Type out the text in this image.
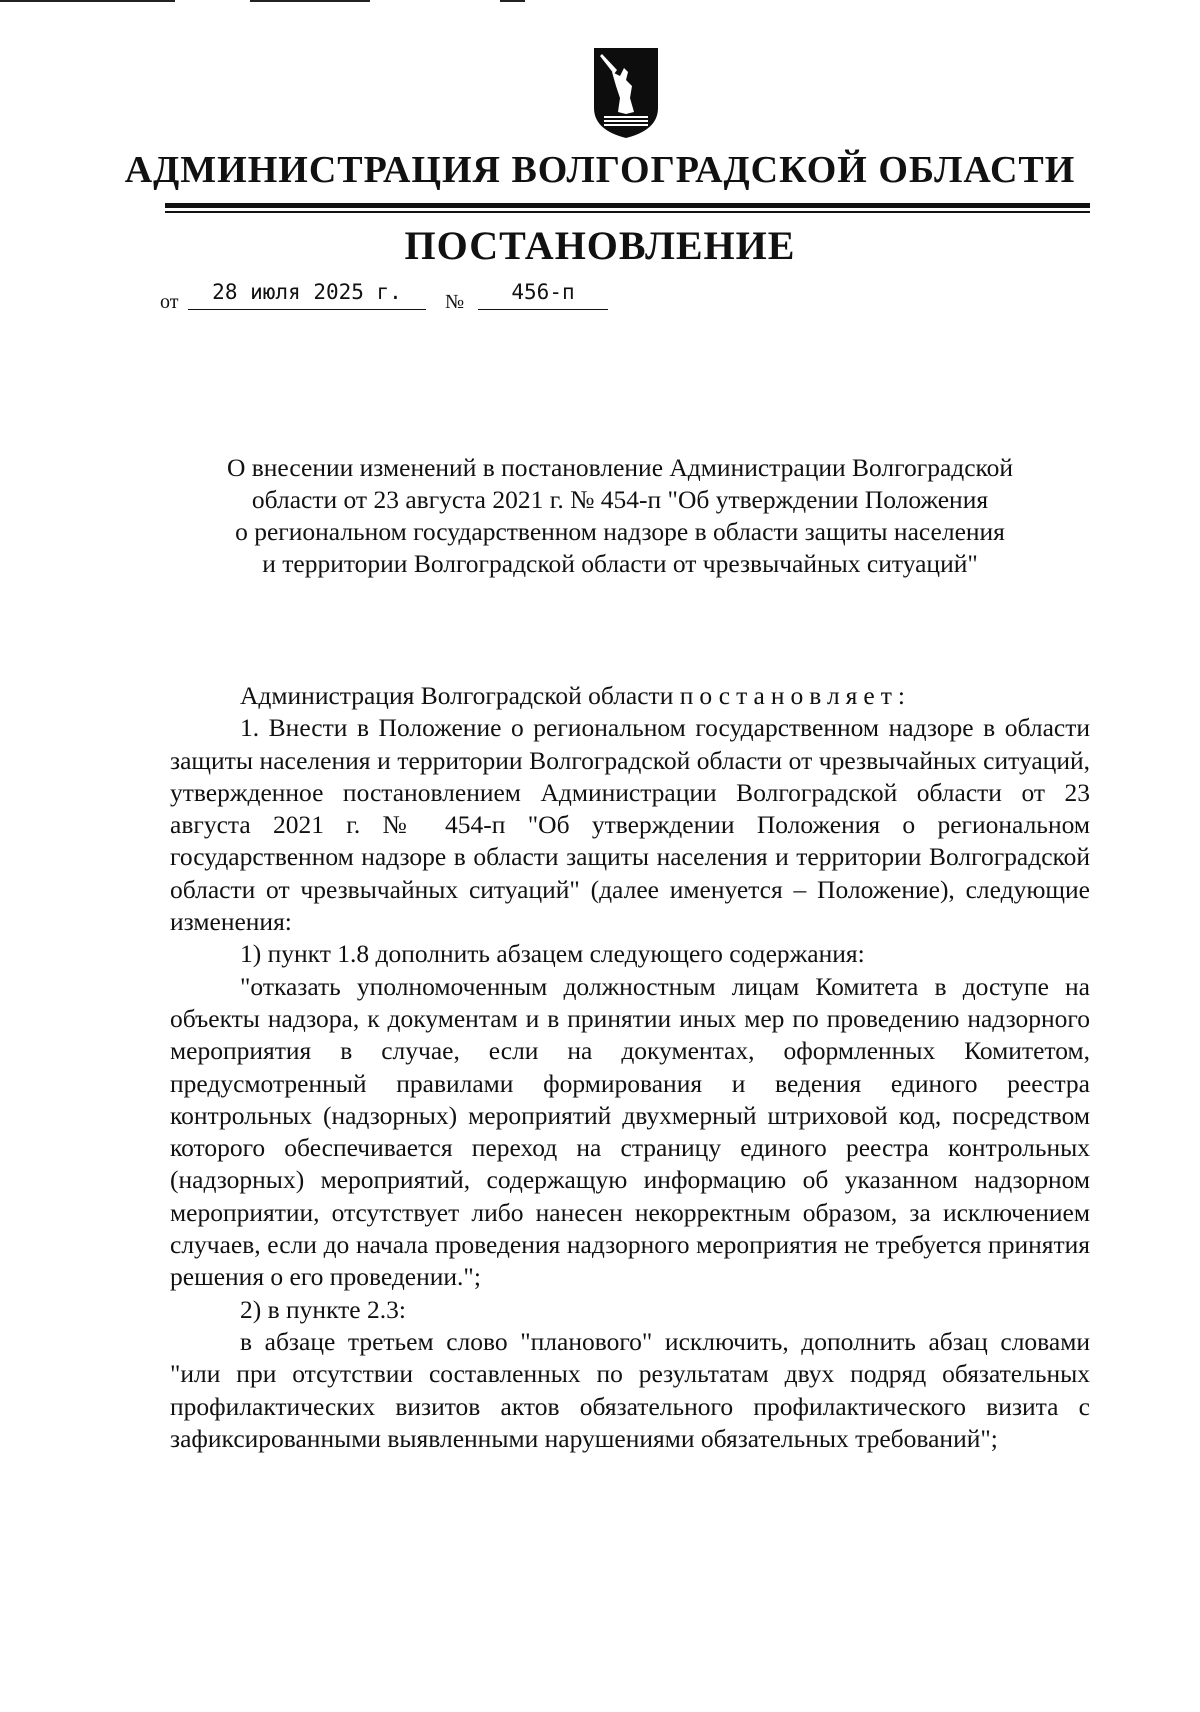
АДМИНИСТРАЦИЯ ВОЛГОГРАДСКОЙ ОБЛАСТИ
ПОСТАНОВЛЕНИЕ
от	28 июля 2025 г.	№	456-п
О внесении изменений в постановление Администрации Волгоградской
области от 23 августа 2021 г. № 454-п "Об утверждении Положения
о региональном государственном надзоре в области защиты населения
и территории Волгоградской области от чрезвычайных ситуаций"

Администрация Волгоградской области постановляет:

1. Внести в Положение о региональном государственном надзоре в области защиты населения и территории Волгоградской области от чрезвычайных ситуаций, утвержденное постановлением Администрации Волгоградской области от 23 августа 2021 г. № 454-п "Об утверждении Положения о региональном государственном надзоре в области защиты населения и территории Волгоградской области от чрезвычайных ситуаций" (далее именуется – Положение), следующие изменения:

1) пункт 1.8 дополнить абзацем следующего содержания:

"отказать уполномоченным должностным лицам Комитета в доступе на объекты надзора, к документам и в принятии иных мер по проведению надзорного мероприятия в случае, если на документах, оформленных Комитетом, предусмотренный правилами формирования и ведения единого реестра контрольных (надзорных) мероприятий двухмерный штриховой код, посредством которого обеспечивается переход на страницу единого реестра контрольных (надзорных) мероприятий, содержащую информацию об указанном надзорном мероприятии, отсутствует либо нанесен некорректным образом, за исключением случаев, если до начала проведения надзорного мероприятия не требуется принятия решения о его проведении.";

2) в пункте 2.3:

в абзаце третьем слово "планового" исключить, дополнить абзац словами "или при отсутствии составленных по результатам двух подряд обязательных профилактических визитов актов обязательного профилактического визита с зафиксированными выявленными нарушениями обязательных требований";
